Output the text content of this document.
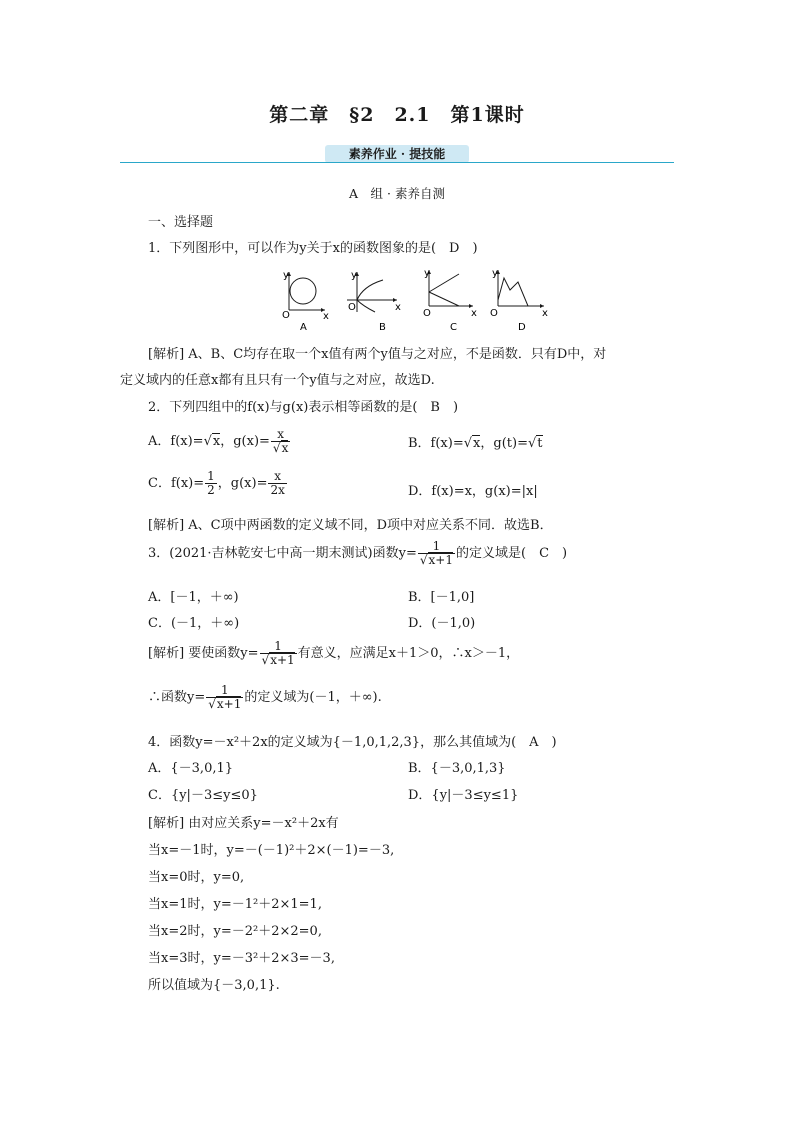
第二章　§2　2.1　第1课时
素养作业 · 提技能
A　组 · 素养自测
一、选择题
1．下列图形中，可以作为y关于x的函数图象的是(　D　)
y
O	x
A
y
O	x
B
y
O	x
C
y
O	x
D
[解析] A、B、C均存在取一个x值有两个y值与之对应，不是函数．只有D中，对
定义域内的任意x都有且只有一个y值与之对应，故选D.
2．下列四组中的f(x)与g(x)表示相等函数的是(　B　)
A．f(x)=√x，$g(x)= \frac{x}{√x}$	B．f(x)=√x，g(t)=√t
C．$f(x)= \frac{1}{2}$ ，$g(x)= \frac{x}{2x}$	D．f(x)=x，g(x)=|x|
[解析] A、C项中两函数的定义域不同，D项中对应关系不同．故选B．
3．(2021·吉林乾安七中高一期末测试)函数$y= \frac{1}{√x+1}$ 的定义域是(　C　)
A．[－1，＋∞)	B．[－1,0]
C．(－1，＋∞)	D．(－1,0)
[解析] 要使函数$y= \frac{1}{√x+1}$ 有意义，应满足x＋1＞0，∴x＞－1，
∴函数$y= \frac{1}{√x+1}$ 的定义域为(－1，＋∞).
4．函数y=－x²＋2x的定义域为{－1,0,1,2,3}，那么其值域为(　A　)
A．{－3,0,1}	B．{－3,0,1,3}
C．{y|－3≤y≤0}	D．{y|－3≤y≤1}
[解析] 由对应关系y=－x²＋2x有
当x=－1时，y=－(－1)²＋2×(－1)=－3,
当x=0时，y=0,
当x=1时，y=－1²＋2×1=1,
当x=2时，y=－2²＋2×2=0,
当x=3时，y=－3²＋2×3=－3,
所以值域为{－3,0,1}.
